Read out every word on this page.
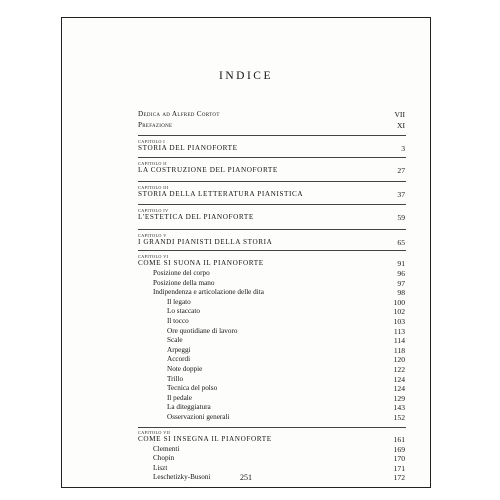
INDICE
Dedica ad Alfred Cortot	VII
Prefazione	XI
CAPITOLO I
STORIA DEL PIANOFORTE	3
CAPITOLO II
LA COSTRUZIONE DEL PIANOFORTE	27
CAPITOLO III
STORIA DELLA LETTERATURA PIANISTICA	37
CAPITOLO IV
L'ESTETICA DEL PIANOFORTE	59
CAPITOLO V
I GRANDI PIANISTI DELLA STORIA	65
CAPITOLO VI
COME SI SUONA IL PIANOFORTE	91
Posizione del corpo	96
Posizione della mano	97
Indipendenza e articolazione delle dita	98
Il legato	100
Lo staccato	102
Il tocco	103
Ore quotidiane di lavoro	113
Scale	114
Arpeggi	118
Accordi	120
Note doppie	122
Trillo	124
Tecnica del polso	124
Il pedale	129
La diteggiatura	143
Osservazioni generali	152
251
CAPITOLO VII
COME SI INSEGNA IL PIANOFORTE	161
Clementi	169
Chopin	170
Liszt	171
Leschetizky-Busoni	172
